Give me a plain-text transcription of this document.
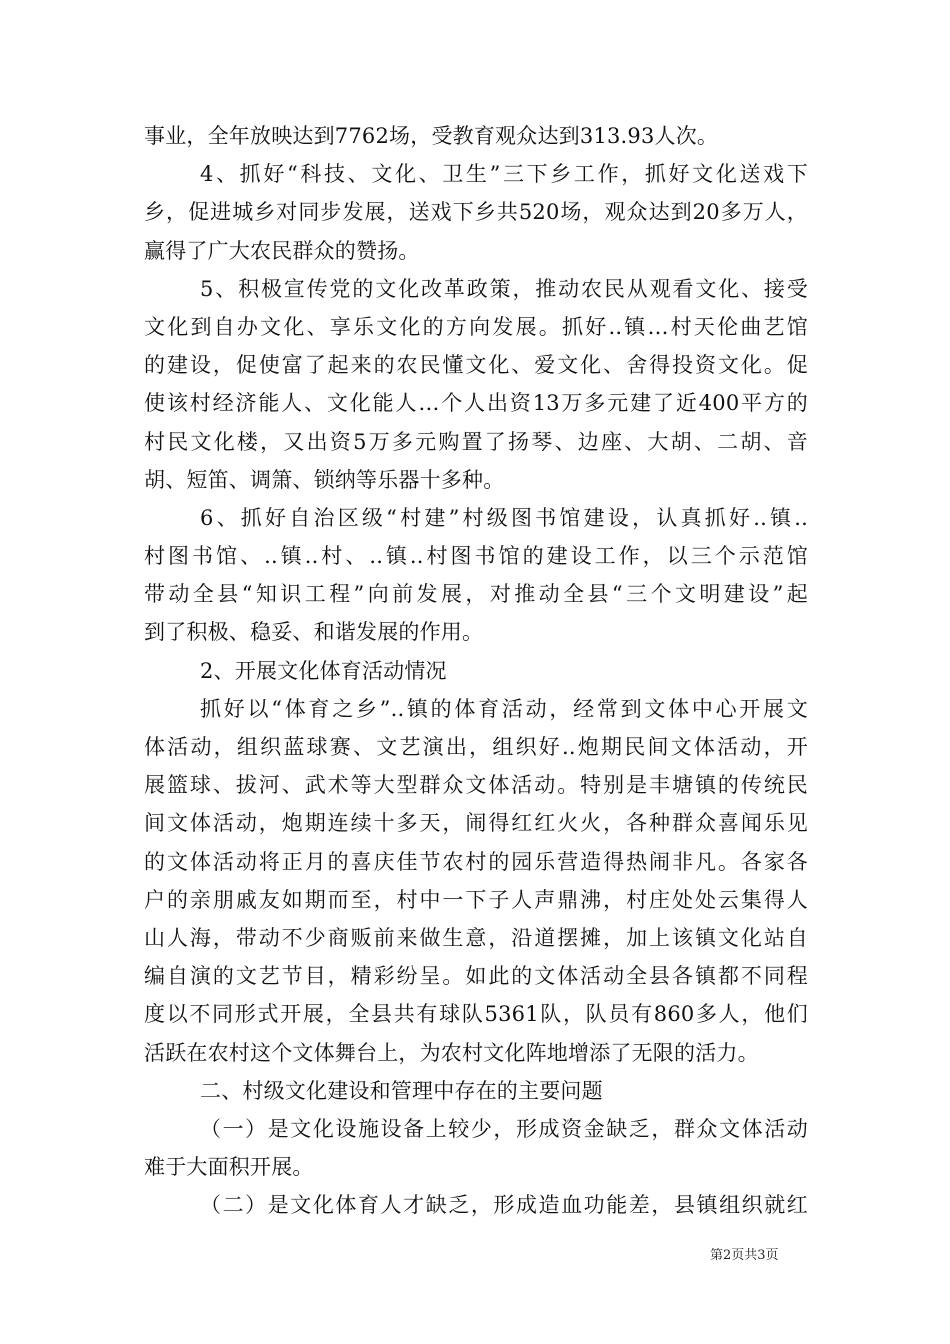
事业，全年放映达到7762场，受教育观众达到313.93人次。
4、抓好“科技、文化、卫生”三下乡工作，抓好文化送戏下
乡，促进城乡对同步发展，送戏下乡共520场，观众达到20多万人，
赢得了广大农民群众的赞扬。
5、积极宣传党的文化改革政策，推动农民从观看文化、接受
文化到自办文化、享乐文化的方向发展。抓好..镇…村天伦曲艺馆
的建设，促使富了起来的农民懂文化、爱文化、舍得投资文化。促
使该村经济能人、文化能人…个人出资13万多元建了近400平方的
村民文化楼，又出资5万多元购置了扬琴、边座、大胡、二胡、音
胡、短笛、调箫、锁纳等乐器十多种。
6、抓好自治区级“村建”村级图书馆建设，认真抓好..镇..
村图书馆、..镇..村、..镇..村图书馆的建设工作，以三个示范馆
带动全县“知识工程”向前发展，对推动全县“三个文明建设”起
到了积极、稳妥、和谐发展的作用。
2、开展文化体育活动情况
抓好以“体育之乡”..镇的体育活动，经常到文体中心开展文
体活动，组织蓝球赛、文艺演出，组织好..炮期民间文体活动，开
展篮球、拔河、武术等大型群众文体活动。特别是丰塘镇的传统民
间文体活动，炮期连续十多天，闹得红红火火，各种群众喜闻乐见
的文体活动将正月的喜庆佳节农村的园乐营造得热闹非凡。各家各
户的亲朋戚友如期而至，村中一下子人声鼎沸，村庄处处云集得人
山人海，带动不少商贩前来做生意，沿道摆摊，加上该镇文化站自
编自演的文艺节目，精彩纷呈。如此的文体活动全县各镇都不同程
度以不同形式开展，全县共有球队5361队，队员有860多人，他们
活跃在农村这个文体舞台上，为农村文化阵地增添了无限的活力。
二、村级文化建设和管理中存在的主要问题
（一）是文化设施设备上较少，形成资金缺乏，群众文体活动
难于大面积开展。
（二）是文化体育人才缺乏，形成造血功能差，县镇组织就红
第2页共3页
